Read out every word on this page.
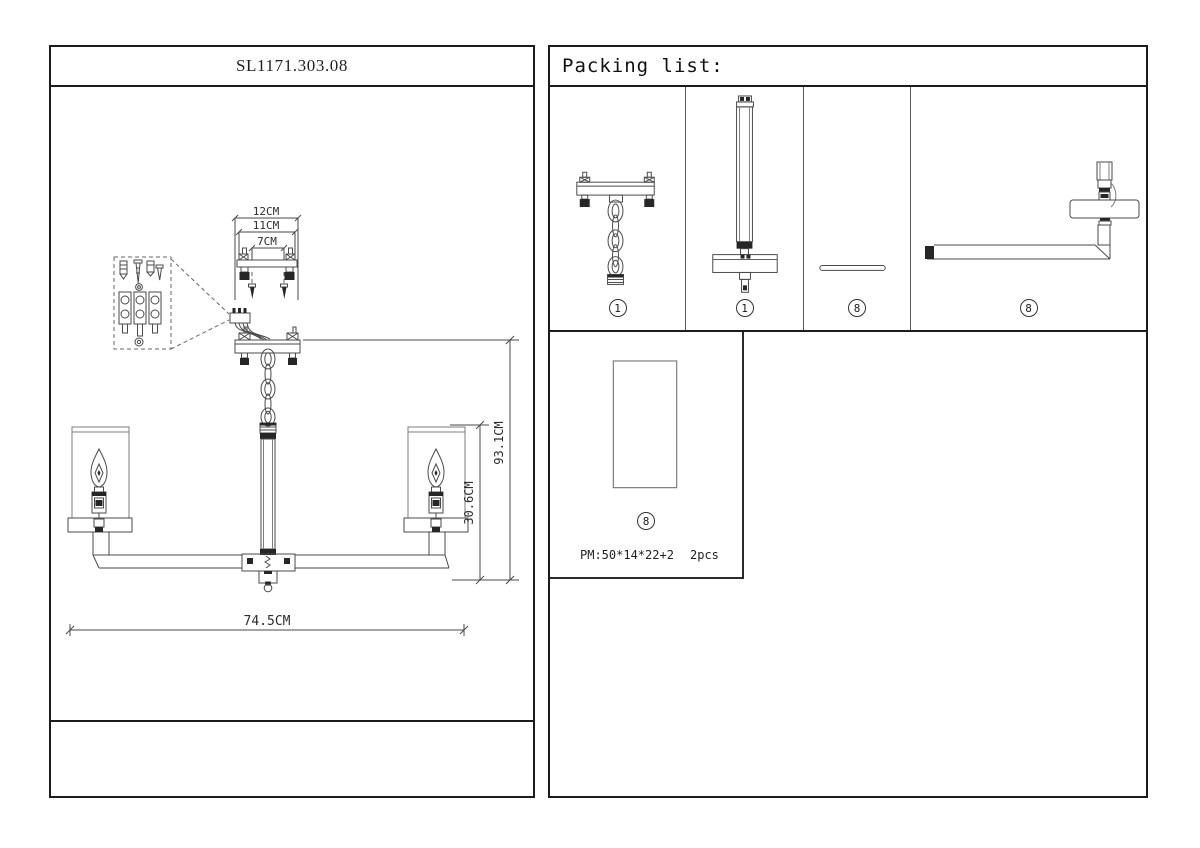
SL1171.303.08
12CM
11CM
7CM
30.6CM
93.1CM
74.5CM
Packing list:
1	1	8	8
8
PM:50*14*22+2 2pcs
